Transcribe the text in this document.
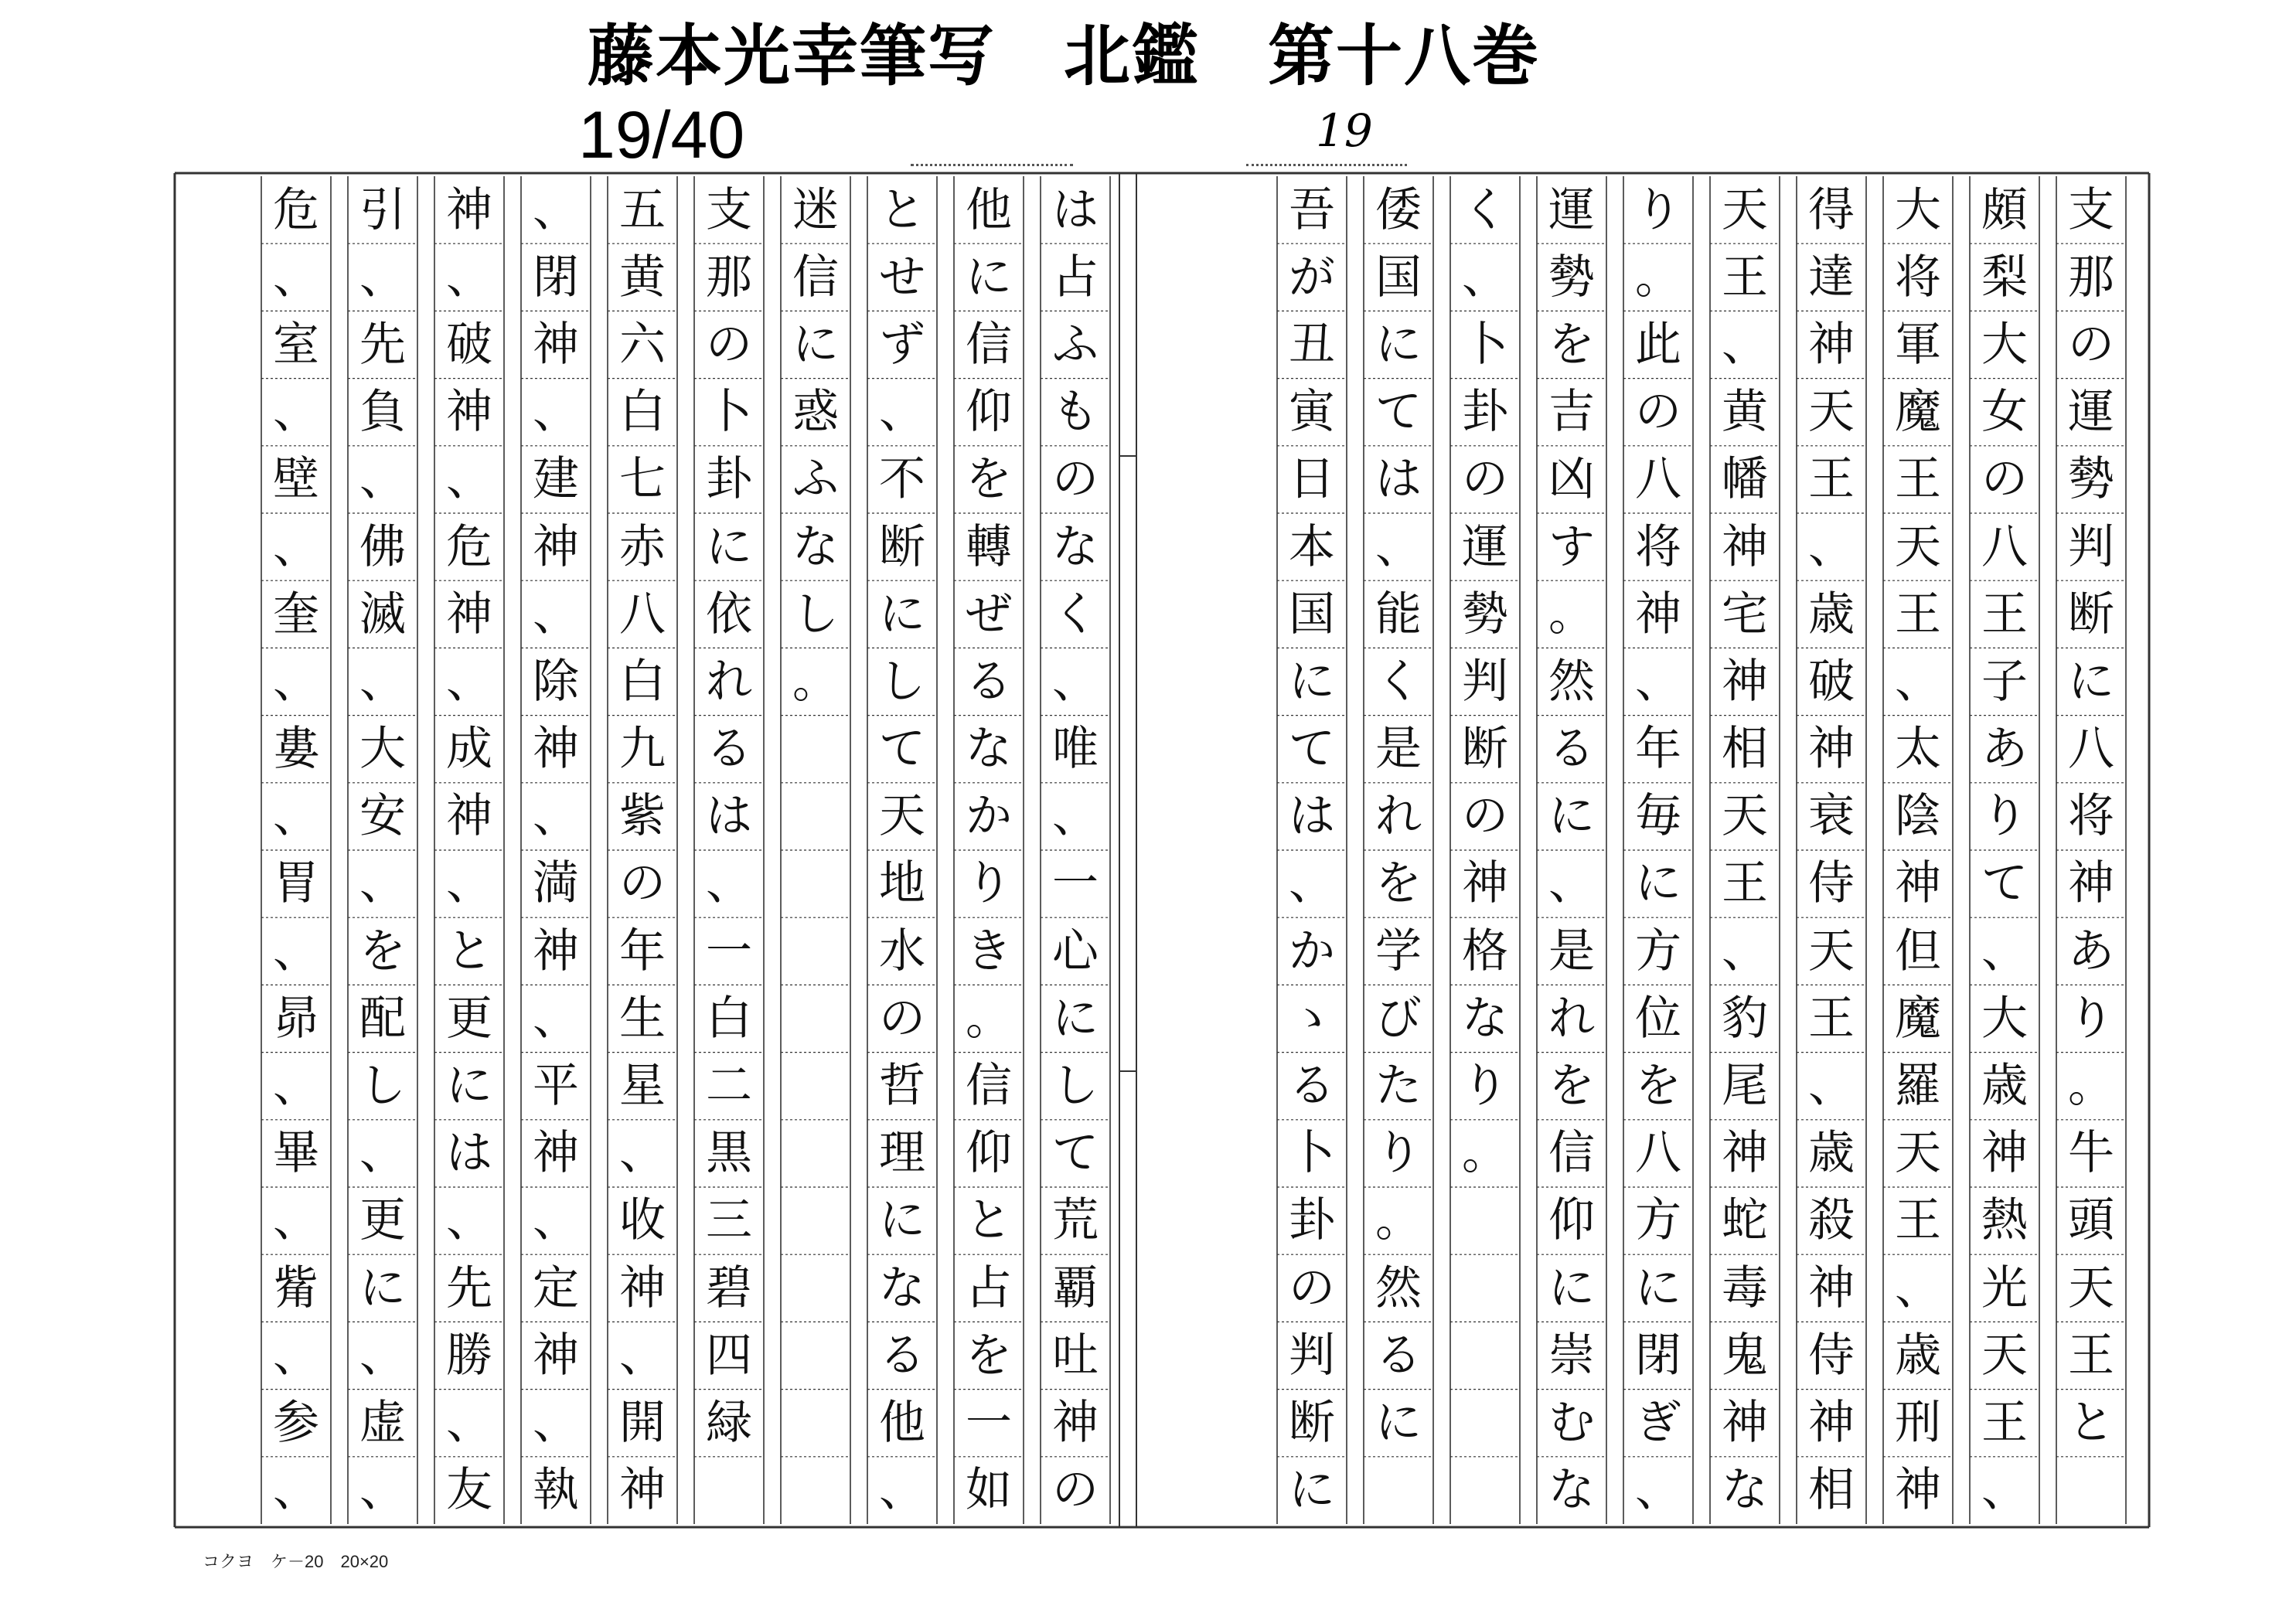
藤本光幸筆写　北鑑　第十八巻
19/40	19
支
那
の
運
勢
判
断
に
八
将
神
あ
り
。
牛
頭
天
王
と
頗
梨
大
女
の
八
王
子
あ
り
て
、
大
歳
神
熱
光
天
王
、
大
将
軍
魔
王
天
王
、
太
陰
神
但
魔
羅
天
王
、
歳
刑
神
得
達
神
天
王
、
歳
破
神
衰
侍
天
王
、
歳
殺
神
侍
神
相
天
王
、
黄
幡
神
宅
神
相
天
王
、
豹
尾
神
蛇
毒
鬼
神
な
り
。
此
の
八
将
神
、
年
毎
に
方
位
を
八
方
に
閉
ぎ
、
運
勢
を
吉
凶
す
。
然
る
に
、
是
れ
を
信
仰
に
崇
む
な
く
、
卜
卦
の
運
勢
判
断
の
神
格
な
り
。
倭
国
に
て
は
、
能
く
是
れ
を
学
び
た
り
。
然
る
に
吾
が
丑
寅
日
本
国
に
て
は
、
か
ゝ
る
卜
卦
の
判
断
に
は
占
ふ
も
の
な
く
、
唯
、
一
心
に
し
て
荒
覇
吐
神
の
他
に
信
仰
を
轉
ぜ
る
な
か
り
き
。
信
仰
と
占
を
一
如
と
せ
ず
、
不
断
に
し
て
天
地
水
の
哲
理
に
な
る
他
、
迷
信
に
惑
ふ
な
し
。
支
那
の
卜
卦
に
依
れ
る
は
、
一
白
二
黒
三
碧
四
緑
五
黄
六
白
七
赤
八
白
九
紫
の
年
生
星
、
收
神
、
開
神
、
閉
神
、
建
神
、
除
神
、
満
神
、
平
神
、
定
神
、
執
神
、
破
神
、
危
神
、
成
神
、
と
更
に
は
、
先
勝
、
友
引
、
先
負
、
佛
滅
、
大
安
、
を
配
し
、
更
に
、
虚
、
危
、
室
、
壁
、
奎
、
婁
、
胃
、
昴
、
畢
、
觜
、
参
、
コクヨ　ケ－20　20×20
